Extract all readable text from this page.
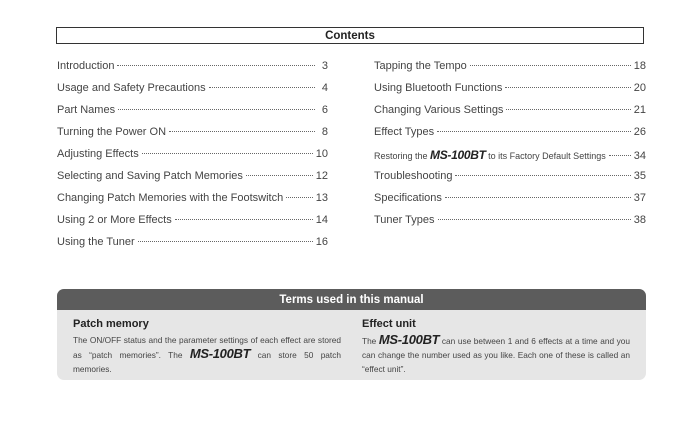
Contents
Introduction	3
Usage and Safety Precautions	4
Part Names	6
Turning the Power ON	8
Adjusting Effects	10
Selecting and Saving Patch Memories	12
Changing Patch Memories with the Footswitch	13
Using 2 or More Effects	14
Using the Tuner	16
Tapping the Tempo	18
Using Bluetooth Functions	20
Changing Various Settings	21
Effect Types	26
Restoring the MS-100BT to its Factory Default Settings	34
Troubleshooting	35
Specifications	37
Tuner Types	38
Terms used in this manual
Patch memory
The ON/OFF status and the parameter settings of each effect are stored as “patch memories”. The MS-100BT can store 50 patch memories.
Effect unit
The MS-100BT can use between 1 and 6 effects at a time and you can change the number used as you like. Each one of these is called an “effect unit”.
